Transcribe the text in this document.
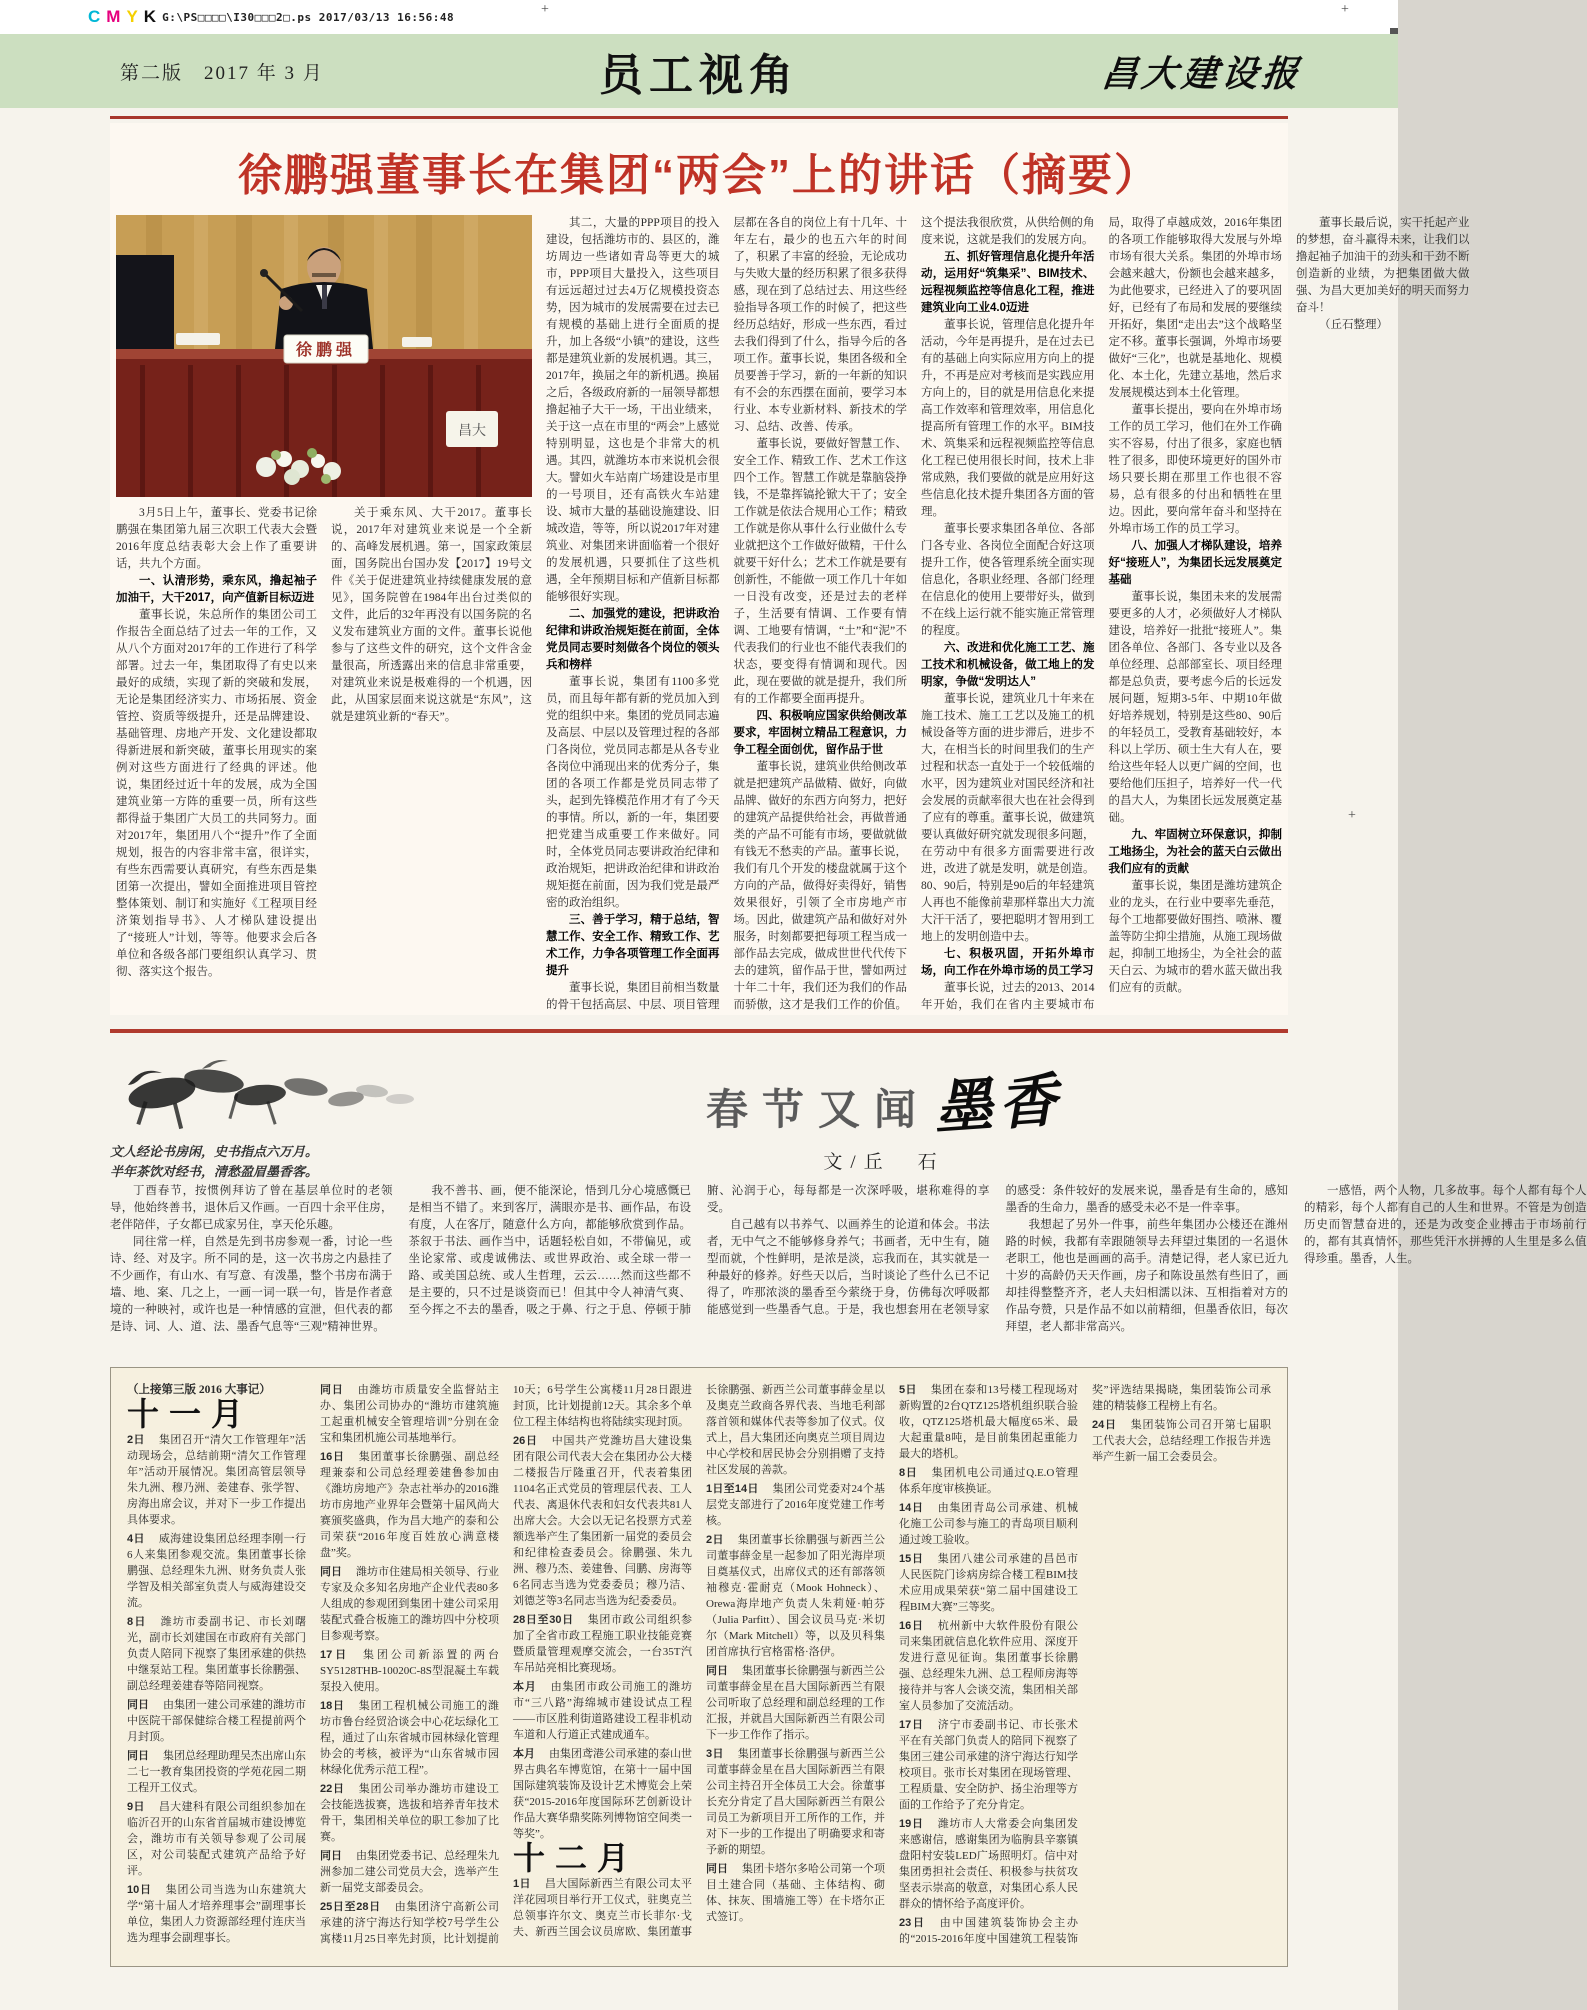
C M Y K G:\PS□□□□\I30□□□2□.ps 2017/03/13 16:56:48	+	+
+
第二版　2017 年 3 月	员工视角	昌大建设报
徐鹏强董事长在集团“两会”上的讲话（摘要）
徐鹏强
昌大

3月5日上午，董事长、党委书记徐鹏强在集团第九届三次职工代表大会暨2016年度总结表彰大会上作了重要讲话，共九个方面。

一、认清形势，乘东风，撸起袖子加油干，大干2017，向产值新目标迈进

董事长说，朱总所作的集团公司工作报告全面总结了过去一年的工作，又从八个方面对2017年的工作进行了科学部署。过去一年，集团取得了有史以来最好的成绩，实现了新的突破和发展，无论是集团经济实力、市场拓展、资金管控、资质等级提升，还是品牌建设、基础管理、房地产开发、文化建设都取得新进展和新突破，董事长用现实的案例对这些方面进行了经典的评述。他说，集团经过近十年的发展，成为全国建筑业第一方阵的重要一员，所有这些都得益于集团广大员工的共同努力。面对2017年，集团用八个“提升”作了全面规划，报告的内容非常丰富，很详实，有些东西需要认真研究，有些东西是集团第一次提出，譬如全面推进项目管控整体策划、制订和实施好《工程项目经济策划指导书》、人才梯队建设提出了“接班人”计划，等等。他要求会后各单位和各级各部门要组织认真学习、贯彻、落实这个报告。

关于乘东风、大干2017。董事长说，2017年对建筑业来说是一个全新的、高峰发展机遇。第一，国家政策层面，国务院出台国办发【2017】19号文件《关于促进建筑业持续健康发展的意见》，国务院曾在1984年出台过类似的文件，此后的32年再没有以国务院的名义发布建筑业方面的文件。董事长说他参与了这些文件的研究，这个文件含金量很高，所透露出来的信息非常重要，对建筑业来说是极难得的一个机遇，因此，从国家层面来说这就是“东风”，这就是建筑业新的“春天”。

其二，大量的PPP项目的投入建设，包括潍坊市的、县区的，潍坊周边一些诸如青岛等更大的城市，PPP项目大量投入，这些项目有远远超过过去4万亿规模投资态势，因为城市的发展需要在过去已有规模的基础上进行全面质的提升，加上各级“小镇”的建设，这些都是建筑业新的发展机遇。其三，2017年，换届之年的新机遇。换届之后，各级政府新的一届领导都想撸起袖子大干一场，干出业绩来，关于这一点在市里的“两会”上感觉特别明显，这也是个非常大的机遇。其四，就潍坊本市来说机会很大。譬如火车站南广场建设是市里的一号项目，还有高铁火车站建设、城市大量的基础设施建设、旧城改造，等等，所以说2017年对建筑业、对集团来讲面临着一个很好的发展机遇，只要抓住了这些机遇，全年预期目标和产值新目标都能够很好实现。

二、加强党的建设，把讲政治纪律和讲政治规矩挺在前面，全体党员同志要时刻做各个岗位的领头兵和榜样

董事长说，集团有1100多党员，而且每年都有新的党员加入到党的组织中来。集团的党员同志遍及高层、中层以及管理过程的各部门各岗位，党员同志都是从各专业各岗位中涌现出来的优秀分子，集团的各项工作都是党员同志带了头，起到先锋模范作用才有了今天的事情。所以，新的一年，集团要把党建当成重要工作来做好。同时，全体党员同志要讲政治纪律和政治规矩，把讲政治纪律和讲政治规矩挺在前面，因为我们党是最严密的政治组织。

三、善于学习，精于总结，智慧工作、安全工作、精致工作、艺术工作，力争各项管理工作全面再提升

董事长说，集团目前相当数量的骨干包括高层、中层、项目管理层都在各自的岗位上有十几年、十年左右，最少的也五六年的时间了，积累了丰富的经验，无论成功与失败大量的经历积累了很多获得感，现在到了总结过去、用这些经验指导各项工作的时候了，把这些经历总结好，形成一些东西，看过去我们得到了什么，指导今后的各项工作。董事长说，集团各级和全员要善于学习，新的一年新的知识有不会的东西摆在面前，要学习本行业、本专业新材料、新技术的学习、总结、改善、传承。

董事长说，要做好智慧工作、安全工作、精致工作、艺术工作这四个工作。智慧工作就是靠脑袋挣钱，不是靠挥镐抡锨大干了；安全工作就是依法合规用心工作；精致工作就是你从事什么行业做什么专业就把这个工作做好做精，干什么就要干好什么；艺术工作就是要有创新性，不能做一项工作几十年如一日没有改变，还是过去的老样子，生活要有情调、工作要有情调、工地要有情调，“土”和“泥”不代表我们的行业也不能代表我们的状态，要变得有情调和现代。因此，现在要做的就是提升，我们所有的工作都要全面再提升。

四、积极响应国家供给侧改革要求，牢固树立精品工程意识，力争工程全面创优，留作品于世

董事长说，建筑业供给侧改革就是把建筑产品做精、做好，向做品牌、做好的东西方向努力，把好的建筑产品提供给社会，再做普通类的产品不可能有市场，要做就做有钱无不愁卖的产品。董事长说，我们有几个开发的楼盘就属于这个方向的产品，做得好卖得好，销售效果很好，引领了全市房地产市场。因此，做建筑产品和做好对外服务，时刻都要把每项工程当成一部作品去完成，做成世世代代传下去的建筑，留作品于世，譬如两过十年二十年，我们还为我们的作品而骄傲，这才是我们工作的价值。这个提法我很欣赏，从供给侧的角度来说，这就是我们的发展方向。

五、抓好管理信息化提升年活动，运用好“筑集采”、BIM技术、远程视频监控等信息化工程，推进建筑业向工业4.0迈进

董事长说，管理信息化提升年活动，今年是再提升，是在过去已有的基础上向实际应用方向上的提升，不再是应对考核而是实践应用方向上的，目的就是用信息化来提高工作效率和管理效率，用信息化提高所有管理工作的水平。BIM技术、筑集采和远程视频监控等信息化工程已使用很长时间，技术上非常成熟，我们要做的就是应用好这些信息化技术提升集团各方面的管理。

董事长要求集团各单位、各部门各专业、各岗位全面配合好这项提升工作，使各管理系统全面实现信息化，各职业经理、各部门经理在信息化的使用上要带好头，做到不在线上运行就不能实施正常管理的程度。

六、改进和优化施工工艺、施工技术和机械设备，做工地上的发明家，争做“发明达人”

董事长说，建筑业几十年来在施工技术、施工工艺以及施工的机械设备等方面的进步滞后，进步不大，在相当长的时间里我们的生产过程和状态一直处于一个较低端的水平，因为建筑业对国民经济和社会发展的贡献率很大也在社会得到了应有的尊重。董事长说，做建筑要认真做好研究就发现很多问题，在劳动中有很多方面需要进行改进，改进了就是发明，就是创造。80、90后，特别是90后的年轻建筑人再也不能像前辈那样靠出大力流大汗干活了，要把聪明才智用到工地上的发明创造中去。

七、积极巩固，开拓外埠市场，向工作在外埠市场的员工学习

董事长说，过去的2013、2014年开始，我们在省内主要城市布局，取得了卓越成效，2016年集团的各项工作能够取得大发展与外埠市场有很大关系。集团的外埠市场会越来越大，份额也会越来越多，为此他要求，已经进入了的要巩固好，已经有了布局和发展的要继续开拓好，集团“走出去”这个战略坚定不移。董事长强调，外埠市场要做好“三化”，也就是基地化、规模化、本土化，先建立基地，然后求发展规模达到本土化管理。

董事长提出，要向在外埠市场工作的员工学习，他们在外工作确实不容易，付出了很多，家庭也牺牲了很多，即使环境更好的国外市场只要长期在那里工作也很不容易，总有很多的付出和牺牲在里边。因此，要向常年奋斗和坚持在外埠市场工作的员工学习。

八、加强人才梯队建设，培养好“接班人”，为集团长远发展奠定基础

董事长说，集团未来的发展需要更多的人才，必须做好人才梯队建设，培养好一批批“接班人”。集团各单位、各部门、各专业以及各单位经理、总部部室长、项目经理都是总负责，要考虑今后的长远发展问题，短期3-5年、中期10年做好培养规划，特别是这些80、90后的年轻员工，受教育基础较好，本科以上学历、硕士生大有人在，要给这些年轻人以更广阔的空间，也要给他们压担子，培养好一代一代的昌大人，为集团长远发展奠定基础。

九、牢固树立环保意识，抑制工地扬尘，为社会的蓝天白云做出我们应有的贡献

董事长说，集团是潍坊建筑企业的龙头，在行业中要率先垂范，每个工地都要做好围挡、喷淋、覆盖等防尘抑尘措施，从施工现场做起，抑制工地扬尘，为全社会的蓝天白云、为城市的碧水蓝天做出我们应有的贡献。

董事长最后说，实干托起产业的梦想，奋斗赢得未来，让我们以撸起袖子加油干的劲头和干劲不断创造新的业绩，为把集团做大做强、为昌大更加美好的明天而努力奋斗！

（丘石整理）

文人经论书房闲，史书指点六万月。
半年茶饮对经书，清愁盈眉墨香客。
春节又闻 墨香
文/丘　石

丁酉春节，按惯例拜访了曾在基层单位时的老领导，他始终善书，退休后又作画。一百四十余平住房，老伴陪伴，子女都已成家另住，享天伦乐趣。

同往常一样，自然是先到书房参观一番，讨论一些诗、经、对及字。所不同的是，这一次书房之内悬挂了不少画作，有山水、有写意、有泼墨，整个书房布满于墙、地、案、几之上，一画一词一联一句，皆是作者意境的一种映衬，或许也是一种情感的宣泄，但代表的都是诗、词、人、道、法、墨香气息等“三观”精神世界。

我不善书、画，便不能深论，悟到几分心境感慨已是相当不错了。来到客厅，满眼亦是书、画作品，布设有度，人在客厅，随意什么方向，都能够欣赏到作品。茶叙于书法、画作当中，话题轻松自如，不带偏见，或坐论家常、或虔诚佛法、或世界政治、或全球一带一路、或美国总统、或人生哲理，云云……然而这些都不是主要的，只不过是谈资而已！但其中令人神清气爽、至今挥之不去的墨香，吸之于鼻、行之于息、停顿于肺腑、沁润于心，每每都是一次深呼吸，堪称难得的享受。

自己越有以书养气、以画养生的论道和体会。书法者，无中气之不能够修身养气；书画者，无中生有，随型而就，个性鲜明，是浓是淡，忘我而在，其实就是一种最好的修养。好些天以后，当时谈论了些什么已不记得了，咋那浓淡的墨香至今萦绕于身，仿佛每次呼吸都能感觉到一些墨香气息。于是，我也想套用在老领导家的感受：条件较好的发展来说，墨香是有生命的，感知墨香的生命力，墨香的感受未必不是一件幸事。

我想起了另外一件事，前些年集团办公楼还在潍州路的时候，我都有幸跟随领导去拜望过集团的一名退休老职工，他也是画画的高手。清楚记得，老人家已近九十岁的高龄仍天天作画，房子和陈设虽然有些旧了，画却挂得整整齐齐，老人夫妇相濡以沫、互相指着对方的作品夸赞，只是作品不如以前精细，但墨香依旧，每次拜望，老人都非常高兴。

一感悟，两个人物，几多故事。每个人都有每个人的精彩，每个人都有自己的人生和世界。不管是为创造历史而智慧奋进的，还是为改变企业搏击于市场前行的，都有其真情怀，那些凭汗水拼搏的人生里是多么值得珍重。墨香，人生。

（上接第三版 2016 大事记）

十一月

2日 集团召开“清欠工作管理年”活动现场会，总结前期“清欠工作管理年”活动开展情况。集团高管层领导朱九洲、穆乃洲、姜建春、张学智、房海出席会议，并对下一步工作提出具体要求。

4日 威海建设集团总经理李刚一行6人来集团参观交流。集团董事长徐鹏强、总经理朱九洲、财务负责人张学智及相关部室负责人与威海建设交流。

8日 潍坊市委副书记、市长刘曙光，副市长刘建国在市政府有关部门负责人陪同下视察了集团承建的供热中继泵站工程。集团董事长徐鹏强、副总经理姜建春等陪同视察。

同日 由集团一建公司承建的潍坊市中医院干部保健综合楼工程提前两个月封顶。

同日 集团总经理助理吴杰出席山东二七一教育集团投资的学苑花园二期工程开工仪式。

9日 昌大建科有限公司组织参加在临沂召开的山东省首届城市建设博览会，潍坊市有关领导参观了公司展区，对公司装配式建筑产品给予好评。

10日 集团公司当选为山东建筑大学“第十届人才培养理事会”副理事长单位，集团人力资源部经理付连庆当选为理事会副理事长。

同日 由潍坊市质量安全监督站主办、集团公司协办的“潍坊市建筑施工起重机械安全管理培训”分别在金宝和集团机施公司基地举行。

16日 集团董事长徐鹏强、副总经理兼泰和公司总经理姜建鲁参加由《潍坊房地产》杂志社举办的2016潍坊市房地产业界年会暨第十届风尚大赛颁奖盛典，作为昌大地产的泰和公司荣获“2016年度百姓放心满意楼盘”奖。

同日 潍坊市住建局相关领导、行业专家及众多知名房地产企业代表80多人组成的参观团到集团十建公司采用装配式叠合板施工的潍坊四中分校项目参观考察。

17日 集团公司新添置的两台SY5128THB-10020C-8S型混凝土车载泵投入使用。

18日 集团工程机械公司施工的潍坊市鲁台经贸洽谈会中心花坛绿化工程，通过了山东省城市园林绿化管理协会的考核，被评为“山东省城市园林绿化优秀示范工程”。

22日 集团公司举办潍坊市建设工会技能选拔赛，选拔和培养青年技术骨干，集团相关单位的职工参加了比赛。

同日 由集团党委书记、总经理朱九洲参加二建公司党员大会，选举产生新一届党支部委员会。

25日至28日 由集团济宁高新公司承建的济宁海达行知学校7号学生公寓楼11月25日率先封顶，比计划提前10天；6号学生公寓楼11月28日跟进封顶，比计划提前12天。其余多个单位工程主体结构也将陆续实现封顶。

26日 中国共产党潍坊昌大建设集团有限公司代表大会在集团办公大楼二楼报告厅隆重召开，代表着集团1104名正式党员的管理层代表、工人代表、离退休代表和妇女代表共81人出席大会。大会以无记名投票方式差额选举产生了集团新一届党的委员会和纪律检查委员会。徐鹏强、朱九洲、穆乃杰、姜建鲁、闫鹏、房海等6名同志当选为党委委员；穆乃洁、刘德芝等3名同志当选为纪委委员。

28日至30日 集团市政公司组织参加了全省市政工程施工职业技能竞赛暨质量管理观摩交流会，一台35T汽车吊站亮相比赛现场。

本月 由集团市政公司施工的潍坊市“三八路”海绵城市建设试点工程——市区胜利街道路建设工程非机动车道和人行道正式建成通车。

本月 由集团鸢港公司承建的泰山世界古典名车博览馆，在第十一届中国国际建筑装饰及设计艺术博览会上荣获“2015-2016年度国际环艺创新设计作品大赛华鼎奖陈列博物馆空间类一等奖”。

十二月

1日 昌大国际新西兰有限公司太平洋花园项目举行开工仪式，驻奥克兰总领事许尔文、奥克兰市长菲尔·戈夫、新西兰国会议员席欧、集团董事长徐鹏强、新西兰公司董事薛金星以及奥克兰政商各界代表、当地毛利部落首领和媒体代表等参加了仪式。仪式上，昌大集团还向奥克兰项目周边中心学校和居民协会分别捐赠了支持社区发展的善款。

1日至14日 集团公司党委对24个基层党支部进行了2016年度党建工作考核。

2日 集团董事长徐鹏强与新西兰公司董事薛金星一起参加了阳光海岸项目奠基仪式，出席仪式的还有部落领袖穆克·霍耐克（Mook Hohneck）、Orewa海岸地产负责人朱莉娅·帕芬（Julia Parfitt）、国会议员马克·米切尔（Mark Mitchell）等，以及贝科集团首席执行官格雷格·洛伊。

同日 集团董事长徐鹏强与新西兰公司董事薛金星在昌大国际新西兰有限公司听取了总经理和副总经理的工作汇报，并就昌大国际新西兰有限公司下一步工作作了指示。

3日 集团董事长徐鹏强与新西兰公司董事薛金星在昌大国际新西兰有限公司主持召开全体员工大会。徐董事长充分肯定了昌大国际新西兰有限公司员工为新项目开工所作的工作，并对下一步的工作提出了明确要求和寄予新的期望。

同日 集团卡塔尔多哈公司第一个项目土建合同（基础、主体结构、砌体、抹灰、围墙施工等）在卡塔尔正式签订。

5日 集团在泰和13号楼工程现场对新购置的2台QTZ125塔机组织联合验收，QTZ125塔机最大幅度65米、最大起重量8吨，是目前集团起重能力最大的塔机。

8日 集团机电公司通过Q.E.O管理体系年度审核换证。

14日 由集团青岛公司承建、机械化施工公司参与施工的青岛项目顺利通过竣工验收。

15日 集团八建公司承建的昌邑市人民医院门诊病房综合楼工程BIM技术应用成果荣获“第二届中国建设工程BIM大赛”三等奖。

16日 杭州新中大软件股份有限公司来集团就信息化软件应用、深度开发进行意见征询。集团董事长徐鹏强、总经理朱九洲、总工程师房海等接待并与客人会谈交流，集团相关部室人员参加了交流活动。

17日 济宁市委副书记、市长张术平在有关部门负责人的陪同下视察了集团三建公司承建的济宁海达行知学校项目。张市长对集团在现场管理、工程质量、安全防护、扬尘治理等方面的工作给予了充分肯定。

19日 潍坊市人大常委会向集团发来感谢信，感谢集团为临朐县辛寨镇盘阳村安装LED广场照明灯。信中对集团勇担社会责任、积极参与扶贫攻坚表示崇高的敬意，对集团心系人民群众的情怀给予高度评价。

23日 由中国建筑装饰协会主办的“2015-2016年度中国建筑工程装饰奖”评选结果揭晓，集团装饰公司承建的精装修工程榜上有名。

24日 集团装饰公司召开第七届职工代表大会，总结经理工作报告并选举产生新一届工会委员会。
